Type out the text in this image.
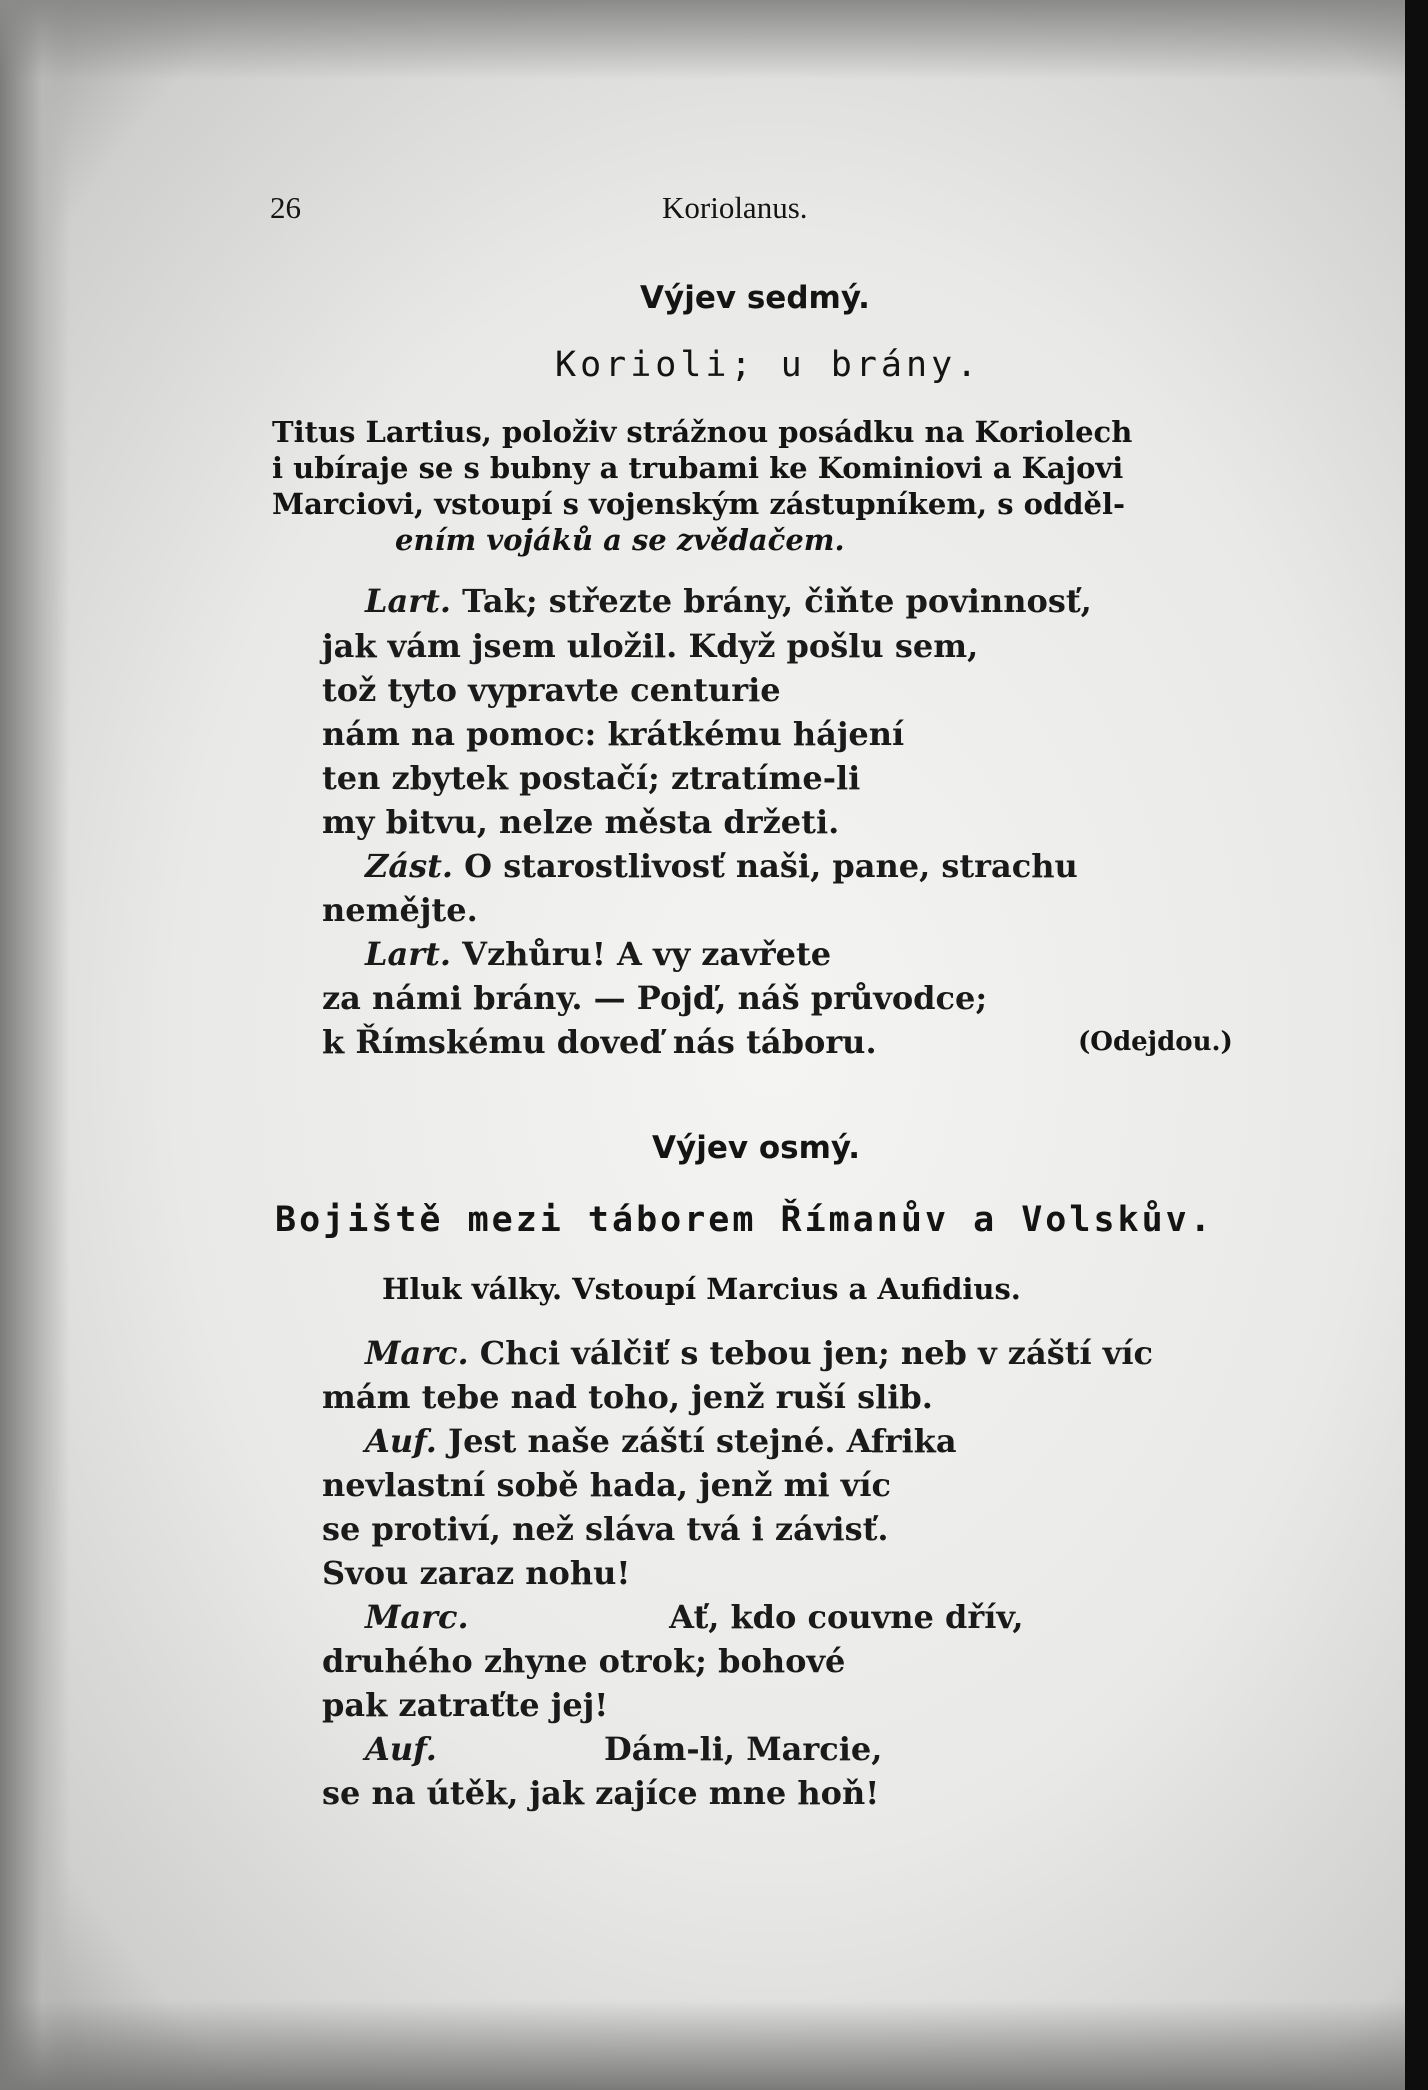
26	Koriolanus.
Výjev sedmý.
Korioli; u brány.
Titus Lartius, položiv strážnou posádku na Koriolech
i ubíraje se s bubny a trubami ke Kominiovi a Kajovi
Marciovi, vstoupí s vojenským zástupníkem, s odděl-
ením vojáků a se zvědačem.
Lart. Tak; střezte brány, čiňte povinnosť,
jak vám jsem uložil. Když pošlu sem,
tož tyto vypravte centurie
nám na pomoc: krátkému hájení
ten zbytek postačí; ztratíme-li
my bitvu, nelze města držeti.
Zást. O starostlivosť naši, pane, strachu
nemějte.
Lart. Vzhůru! A vy zavřete
za námi brány. — Pojď, náš průvodce;
k Římskému doveď nás táboru.	(Odejdou.)
Výjev osmý.
Bojiště mezi táborem Římanův a Volskův.
Hluk války. Vstoupí Marcius a Aufidius.
Marc. Chci válčiť s tebou jen; neb v záští víc
mám tebe nad toho, jenž ruší slib.
Auf. Jest naše záští stejné. Afrika
nevlastní sobě hada, jenž mi víc
se protiví, než sláva tvá i závisť.
Svou zaraz nohu!
Marc.                  Ať, kdo couvne dřív,
druhého zhyne otrok; bohové
pak zatraťte jej!
Auf.               Dám-li, Marcie,
se na útěk, jak zajíce mne hoň!
